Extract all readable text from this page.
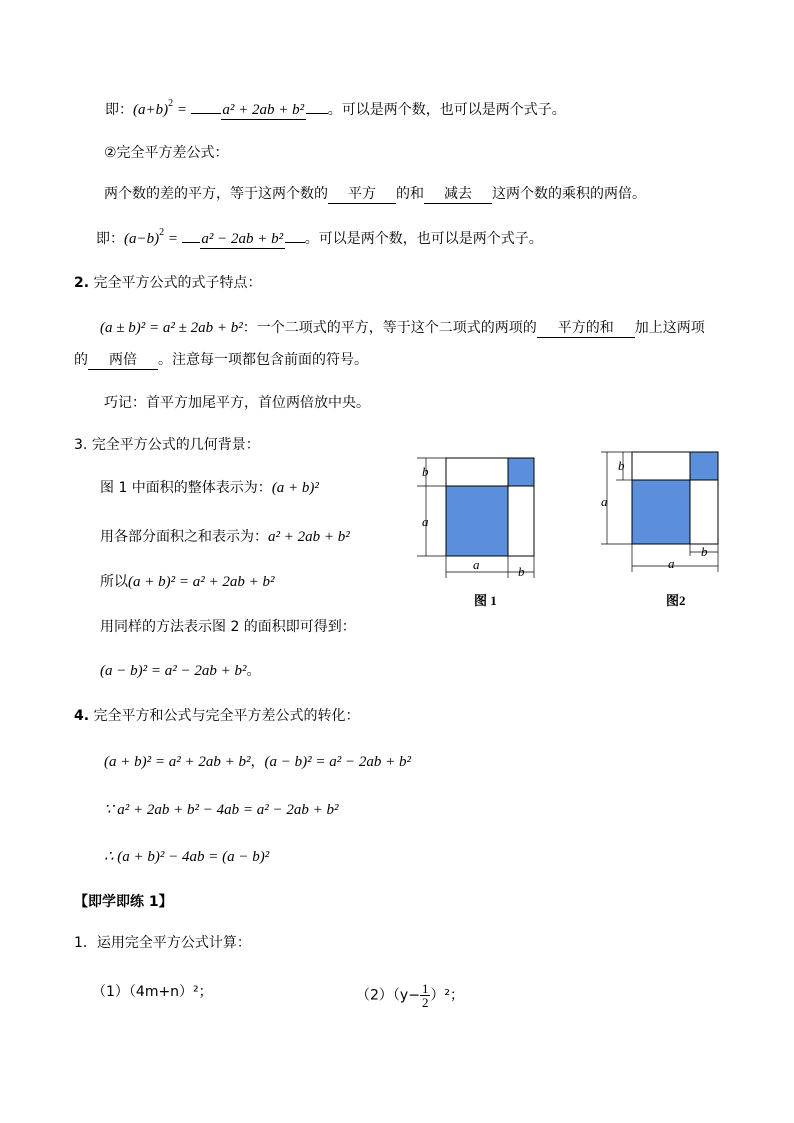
即：$(a+b)^2 = a^2 + 2ab + b^2$ 。可以是两个数，也可以是两个式子。
②完全平方差公式：
两个数的差的平方，等于这两个数的 平方 的和 减去 这两个数的乘积的两倍。
即：$(a-b)^2 = a^2 - 2ab + b^2$ 。可以是两个数，也可以是两个式子。
2. 完全平方公式的式子特点：
(a ± b)² = a² ± 2ab + b²：一个二项式的平方，等于这个二项式的两项的 平方的和 加上这两项
的 两倍 。注意每一项都包含前面的符号。
巧记：首平方加尾平方，首位两倍放中央。
3. 完全平方公式的几何背景：
图 1 中面积的整体表示为：(a + b)²
用各部分面积之和表示为：a² + 2ab + b²
所以(a + b)² = a² + 2ab + b²
用同样的方法表示图 2 的面积即可得到：
(a − b)² = a² − 2ab + b²。
b
a
a	b
图 1
b
a
b
a
图2
4. 完全平方和公式与完全平方差公式的转化：
(a + b)² = a² + 2ab + b²，(a − b)² = a² − 2ab + b²
∵ a² + 2ab + b² − 4ab = a² − 2ab + b²
∴ (a + b)² − 4ab = (a − b)²
【即学即练 1】
1．运用完全平方公式计算：
（1）（4m+n）²；	$(2)(y- \frac{1}{2} )^2$；
